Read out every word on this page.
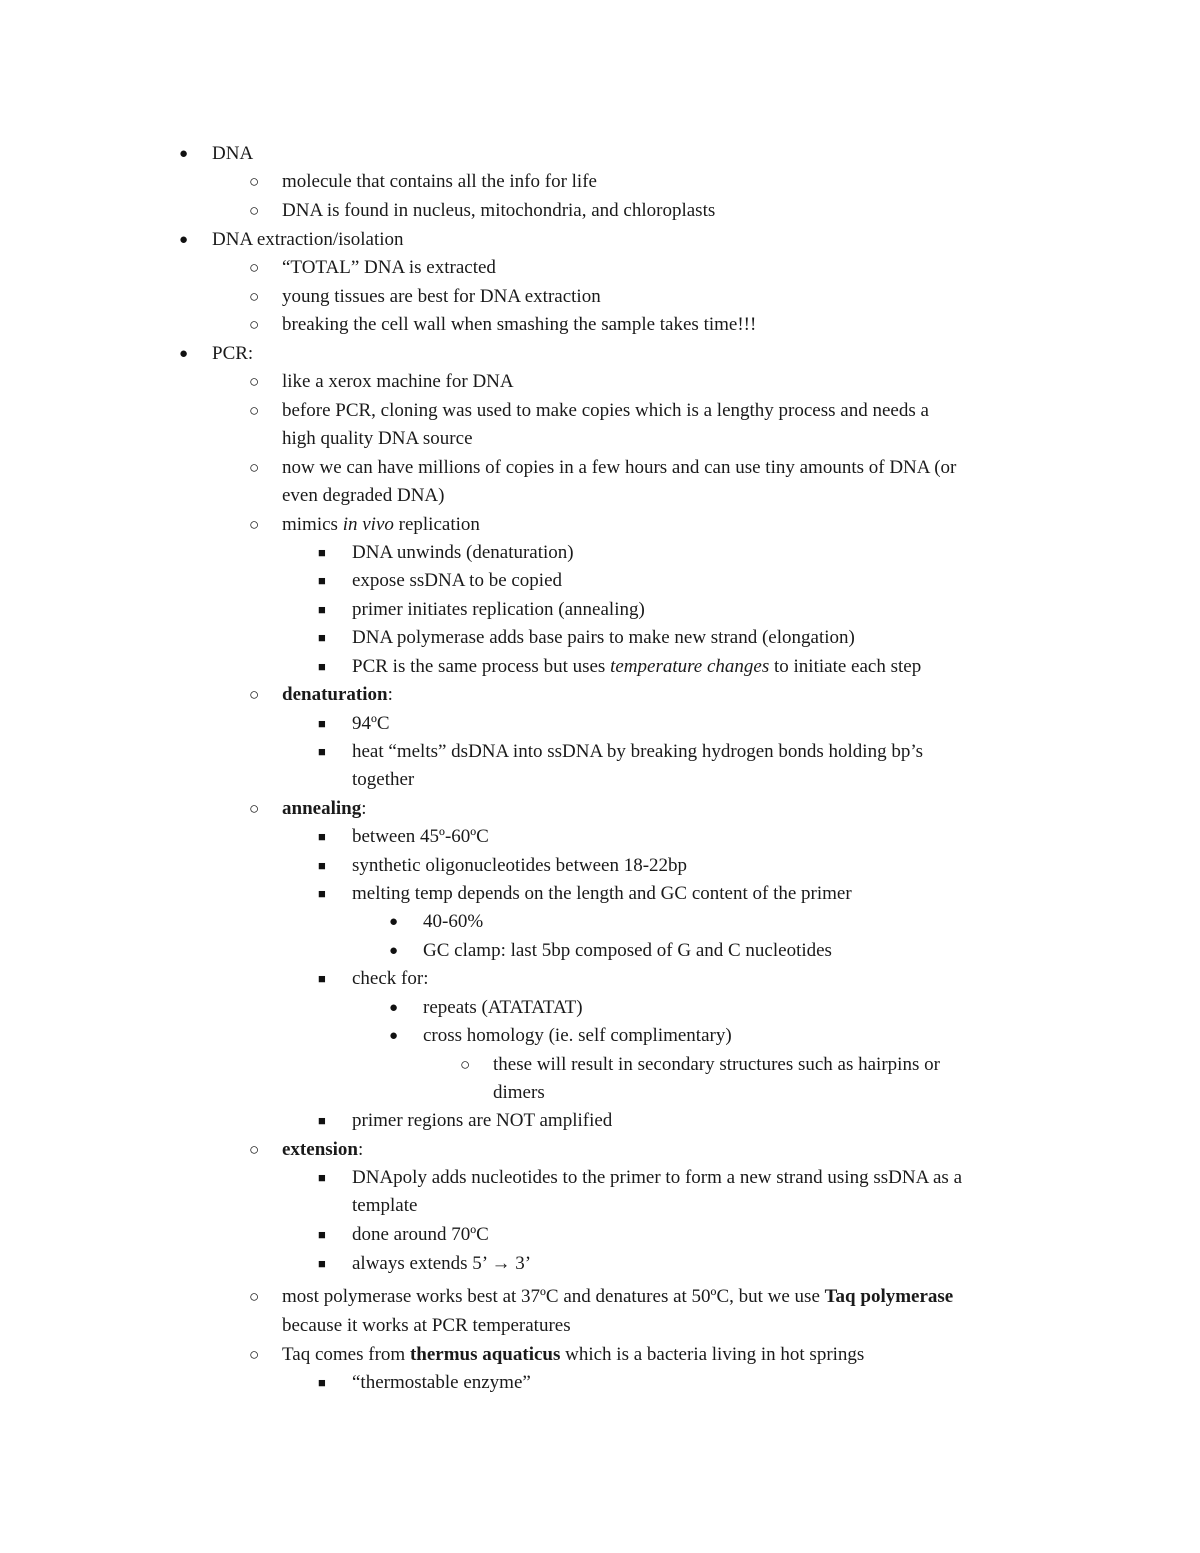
●
DNA
○
molecule that contains all the info for life
○
DNA is found in nucleus, mitochondria, and chloroplasts
●
DNA extraction/isolation
○
“TOTAL” DNA is extracted
○
young tissues are best for DNA extraction
○
breaking the cell wall when smashing the sample takes time!!!
●
PCR:
○
like a xerox machine for DNA
○
before PCR, cloning was used to make copies which is a lengthy process and needs a
high quality DNA source
○
now we can have millions of copies in a few hours and can use tiny amounts of DNA (or
even degraded DNA)
○
mimics in vivo replication
■
DNA unwinds (denaturation)
■
expose ssDNA to be copied
■
primer initiates replication (annealing)
■
DNA polymerase adds base pairs to make new strand (elongation)
■
PCR is the same process but uses temperature changes to initiate each step
○
denaturation:
■
94ºC
■
heat “melts” dsDNA into ssDNA by breaking hydrogen bonds holding bp’s
together
○
annealing:
■
between 45º-60ºC
■
synthetic oligonucleotides between 18-22bp
■
melting temp depends on the length and GC content of the primer
●
40-60%
●
GC clamp: last 5bp composed of G and C nucleotides
■
check for:
●
repeats (ATATATAT)
●
cross homology (ie. self complimentary)
○
these will result in secondary structures such as hairpins or
dimers
■
primer regions are NOT amplified
○
extension:
■
DNApoly adds nucleotides to the primer to form a new strand using ssDNA as a
template
■
done around 70ºC
■
always extends 5’ → 3’
○
most polymerase works best at 37ºC and denatures at 50ºC, but we use Taq polymerase
because it works at PCR temperatures
○
Taq comes from thermus aquaticus which is a bacteria living in hot springs
■
“thermostable enzyme”
